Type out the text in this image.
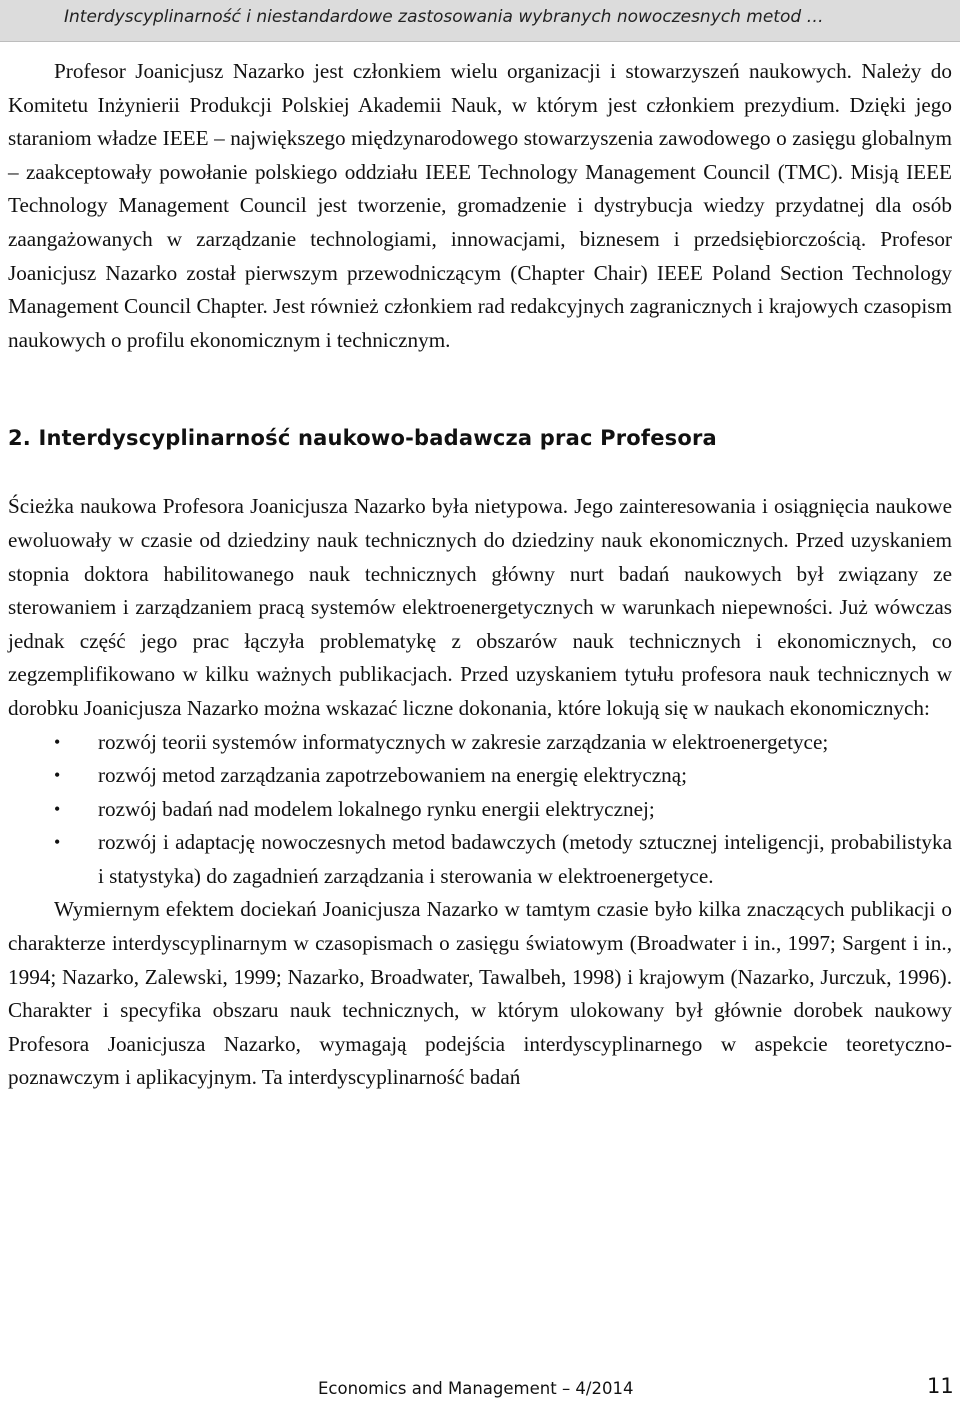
Interdyscyplinarność i niestandardowe zastosowania wybranych nowoczesnych metod …

Profesor Joanicjusz Nazarko jest członkiem wielu organizacji i stowarzyszeń naukowych. Należy do Komitetu Inżynierii Produkcji Polskiej Akademii Nauk, w którym jest członkiem prezydium. Dzięki jego staraniom władze IEEE – największego międzynarodowego stowarzyszenia zawodowego o zasięgu globalnym – zaakceptowały powołanie polskiego oddziału IEEE Technology Management Council (TMC). Misją IEEE Technology Management Council jest tworzenie, gromadzenie i dystrybucja wiedzy przydatnej dla osób zaangażowanych w zarządzanie technologiami, innowacjami, biznesem i przedsiębiorczością. Profesor Joanicjusz Nazarko został pierwszym przewodniczącym (Chapter Chair) IEEE Poland Section Technology Management Council Chapter. Jest również członkiem rad redakcyjnych zagranicznych i krajowych czasopism naukowych o profilu ekonomicznym i technicznym.

2. Interdyscyplinarność naukowo-badawcza prac Profesora

Ścieżka naukowa Profesora Joanicjusza Nazarko była nietypowa. Jego zainteresowania i osiągnięcia naukowe ewoluowały w czasie od dziedziny nauk technicznych do dziedziny nauk ekonomicznych. Przed uzyskaniem stopnia doktora habilitowanego nauk technicznych główny nurt badań naukowych był związany ze sterowaniem i zarządzaniem pracą systemów elektroenergetycznych w warunkach niepewności. Już wówczas jednak część jego prac łączyła problematykę z obszarów nauk technicznych i ekonomicznych, co zegzemplifikowano w kilku ważnych publikacjach. Przed uzyskaniem tytułu profesora nauk technicznych w dorobku Joanicjusza Nazarko można wskazać liczne dokonania, które lokują się w naukach ekonomicznych:

• rozwój teorii systemów informatycznych w zakresie zarządzania w elektroenergetyce;
• rozwój metod zarządzania zapotrzebowaniem na energię elektryczną;
• rozwój badań nad modelem lokalnego rynku energii elektrycznej;
• rozwój i adaptację nowoczesnych metod badawczych (metody sztucznej inteligencji, probabilistyka i statystyka) do zagadnień zarządzania i sterowania w elektroenergetyce.

Wymiernym efektem dociekań Joanicjusza Nazarko w tamtym czasie było kilka znaczących publikacji o charakterze interdyscyplinarnym w czasopismach o zasięgu światowym (Broadwater i in., 1997; Sargent i in., 1994; Nazarko, Zalewski, 1999; Nazarko, Broadwater, Tawalbeh, 1998) i krajowym (Nazarko, Jurczuk, 1996). Charakter i specyfika obszaru nauk technicznych, w którym ulokowany był głównie dorobek naukowy Profesora Joanicjusza Nazarko, wymagają podejścia interdyscyplinarnego w aspekcie teoretyczno-poznawczym i aplikacyjnym. Ta interdyscyplinarność badań

Economics and Management – 4/2014	11
